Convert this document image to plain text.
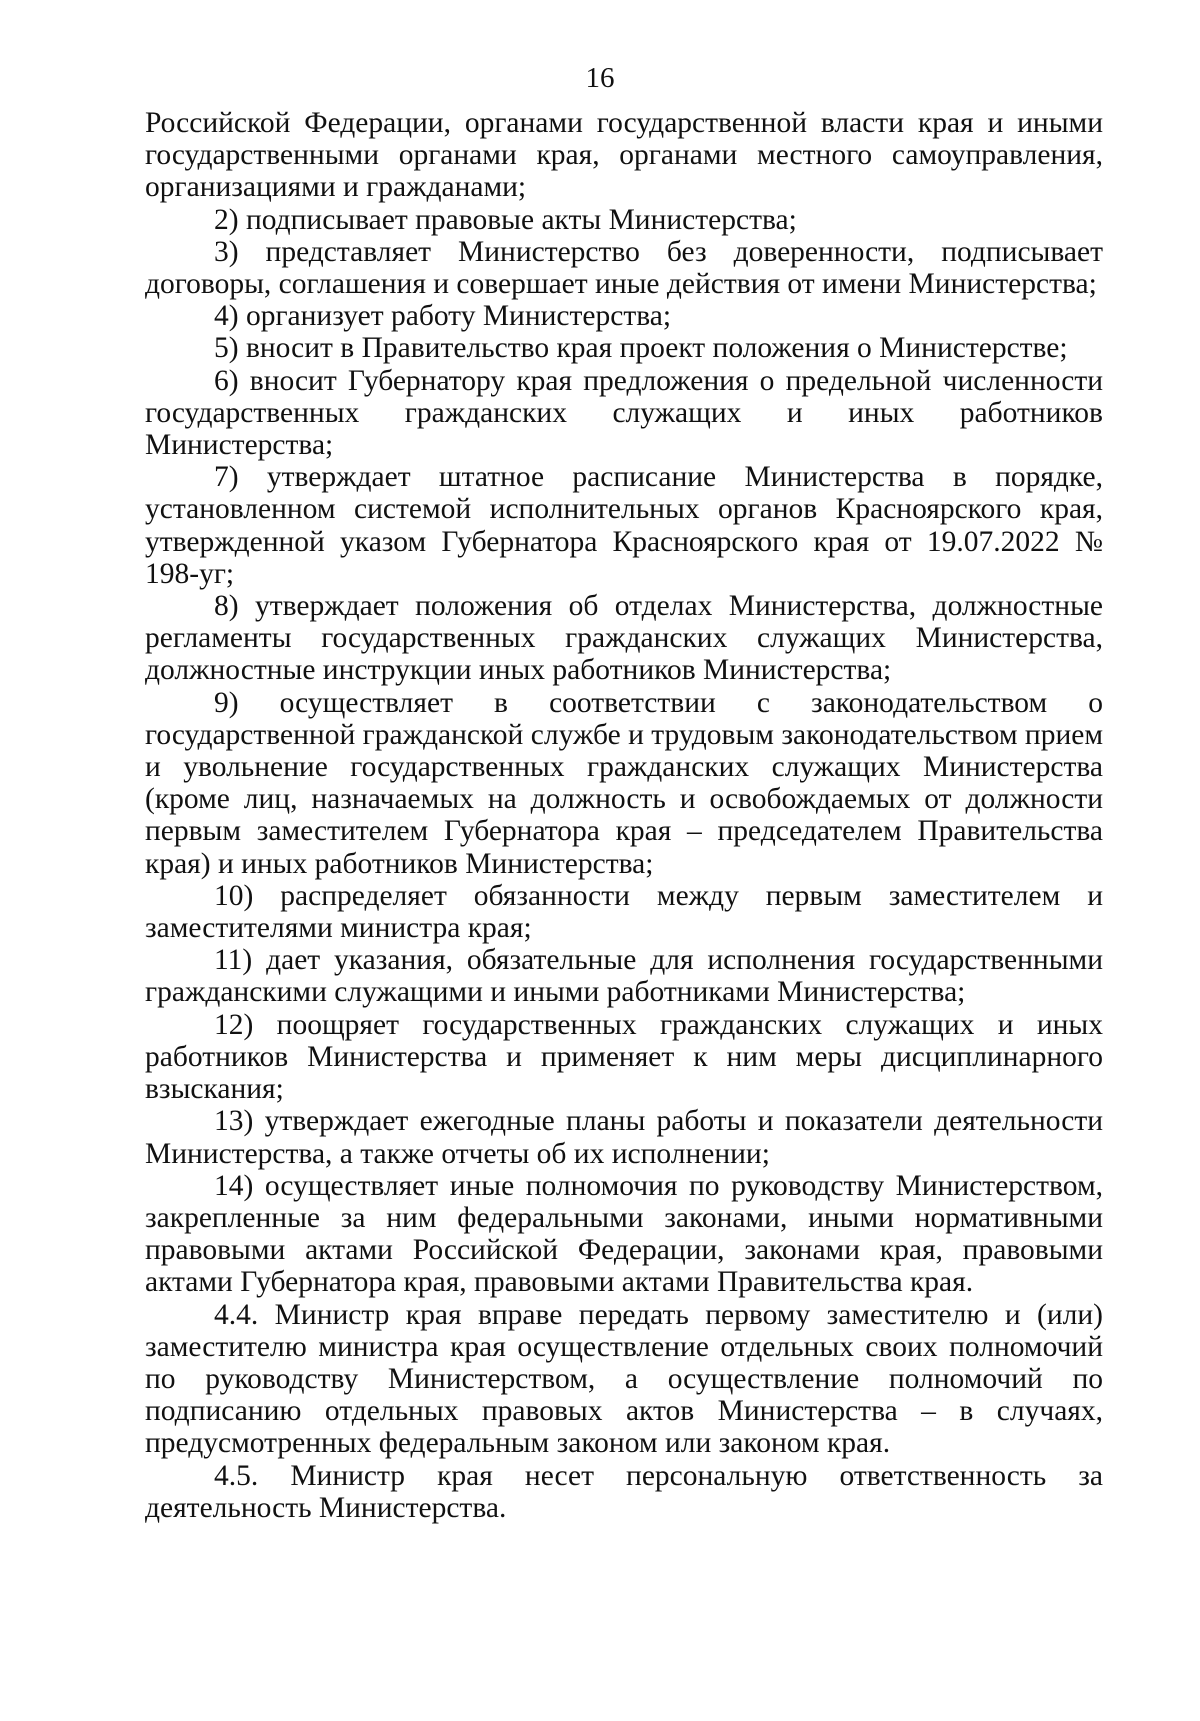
16

Российской Федерации, органами государственной власти края и иными государственными органами края, органами местного самоуправления, организациями и гражданами;

2) подписывает правовые акты Министерства;

3) представляет Министерство без доверенности, подписывает договоры, соглашения и совершает иные действия от имени Министерства;

4) организует работу Министерства;

5) вносит в Правительство края проект положения о Министерстве;

6) вносит Губернатору края предложения о предельной численности государственных гражданских служащих и иных работников Министерства;

7) утверждает штатное расписание Министерства в порядке, установленном системой исполнительных органов Красноярского края, утвержденной указом Губернатора Красноярского края от 19.07.2022 № 198-уг;

8) утверждает положения об отделах Министерства, должностные регламенты государственных гражданских служащих Министерства, должностные инструкции иных работников Министерства;

9) осуществляет в соответствии с законодательством о государственной гражданской службе и трудовым законодательством прием и увольнение государственных гражданских служащих Министерства (кроме лиц, назначаемых на должность и освобождаемых от должности первым заместителем Губернатора края – председателем Правительства края) и иных работников Министерства;

10) распределяет обязанности между первым заместителем и заместителями министра края;

11) дает указания, обязательные для исполнения государственными гражданскими служащими и иными работниками Министерства;

12) поощряет государственных гражданских служащих и иных работников Министерства и применяет к ним меры дисциплинарного взыскания;

13) утверждает ежегодные планы работы и показатели деятельности Министерства, а также отчеты об их исполнении;

14) осуществляет иные полномочия по руководству Министерством, закрепленные за ним федеральными законами, иными нормативными правовыми актами Российской Федерации, законами края, правовыми актами Губернатора края, правовыми актами Правительства края.

4.4. Министр края вправе передать первому заместителю и (или) заместителю министра края осуществление отдельных своих полномочий по руководству Министерством, а осуществление полномочий по подписанию отдельных правовых актов Министерства – в случаях, предусмотренных федеральным законом или законом края.

4.5. Министр края несет персональную ответственность за деятельность Министерства.
